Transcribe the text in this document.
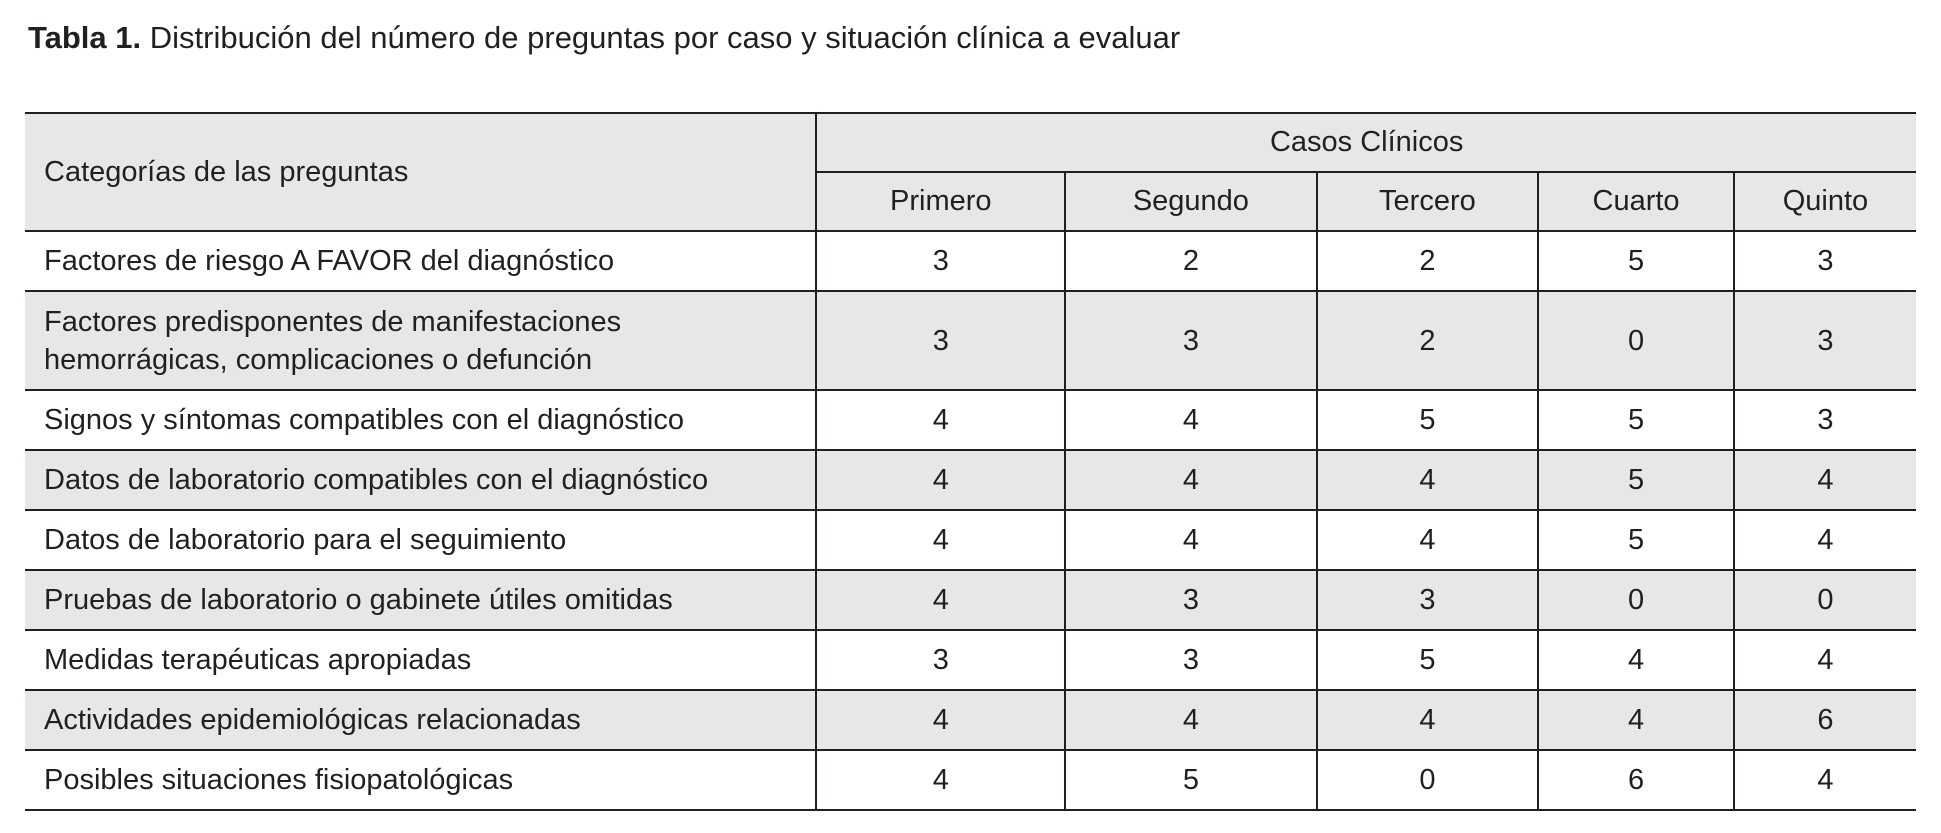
Tabla 1. Distribución del número de preguntas por caso y situación clínica a evaluar
Categorías de las preguntas	Casos Clínicos				
	Primero	Segundo	Tercero	Cuarto	Quinto
Factores de riesgo A FAVOR del diagnóstico	3	2	2	5	3
Factores predisponentes de manifestaciones hemorrágicas, complicaciones o defunción	3	3	2	0	3
Signos y síntomas compatibles con el diagnóstico	4	4	5	5	3
Datos de laboratorio compatibles con el diagnóstico	4	4	4	5	4
Datos de laboratorio para el seguimiento	4	4	4	5	4
Pruebas de laboratorio o gabinete útiles omitidas	4	3	3	0	0
Medidas terapéuticas apropiadas	3	3	5	4	4
Actividades epidemiológicas relacionadas	4	4	4	4	6
Posibles situaciones fisiopatológicas	4	5	0	6	4
